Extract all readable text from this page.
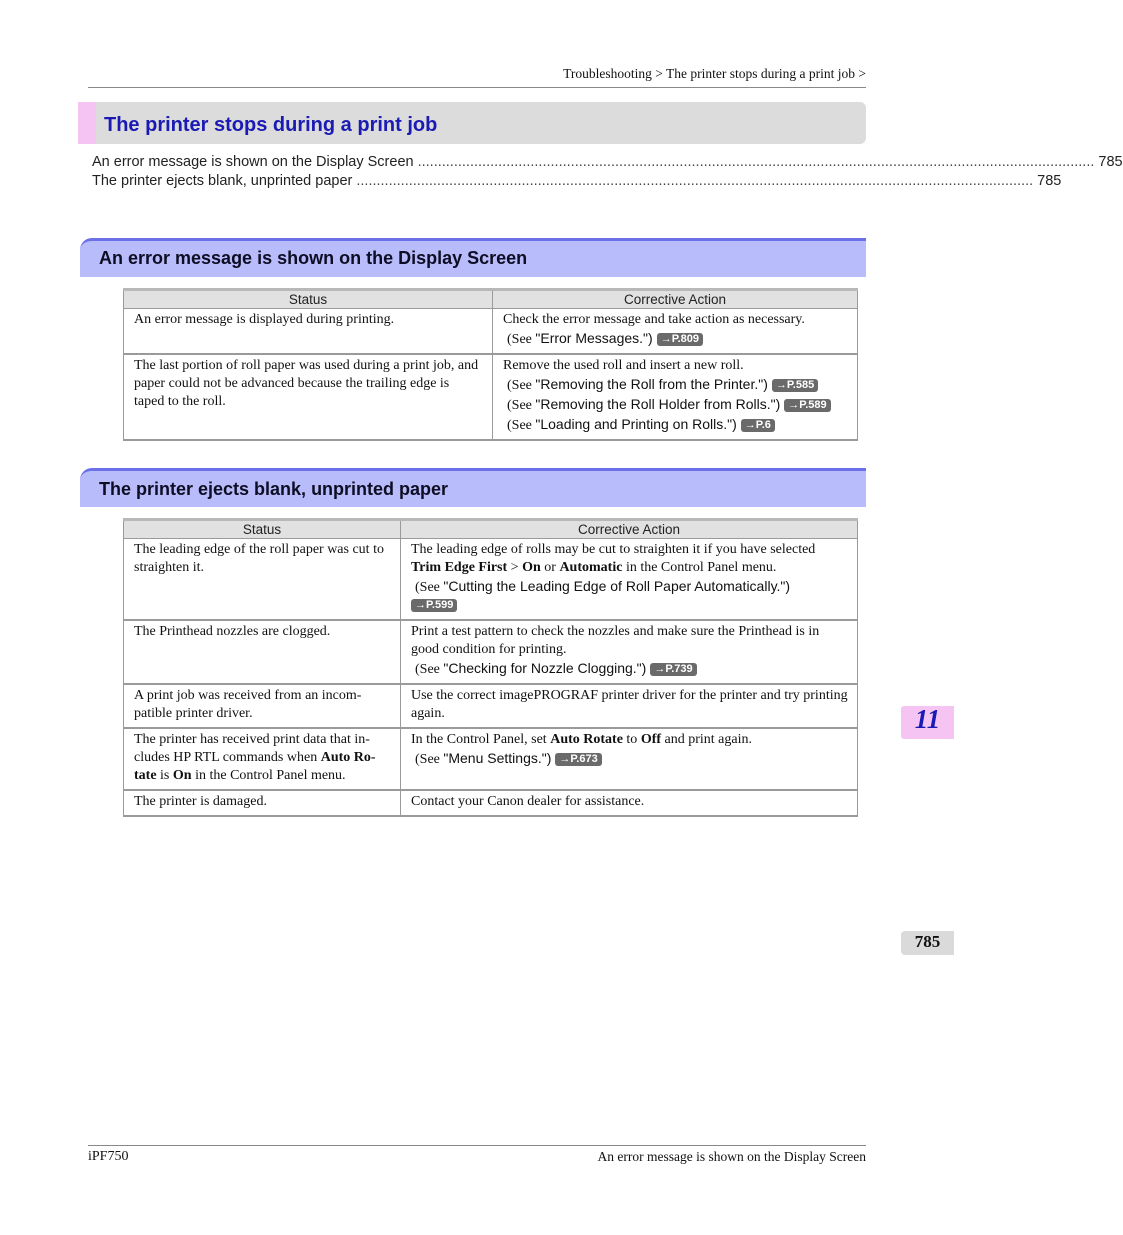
Troubleshooting > The printer stops during a print job >
The printer stops during a print job
An error message is shown on the Display Screen ........................................................................................................................................................................ 785
The printer ejects blank, unprinted paper ........................................................................................................................................................................ 785
An error message is shown on the Display Screen
Status	Corrective Action
An error message is displayed during printing.	Check the error message and take action as necessary.
(See "Error Messages.") →P.809

The last portion of roll paper was used during a print job, and paper could not be advanced because the trailing edge is taped to the roll.	Remove the used roll and insert a new roll.
(See "Removing the Roll from the Printer.") →P.585
(See "Removing the Roll Holder from Rolls.") →P.589
(See "Loading and Printing on Rolls.") →P.6
The printer ejects blank, unprinted paper
Status	Corrective Action
The leading edge of the roll paper was cut to straighten it.	The leading edge of rolls may be cut to straighten it if you have selected Trim Edge First > On or Automatic in the Control Panel menu.
(See "Cutting the Leading Edge of Roll Paper Automatically.")
→P.599

The Printhead nozzles are clogged.	Print a test pattern to check the nozzles and make sure the Printhead is in good condition for printing.
(See "Checking for Nozzle Clogging.") →P.739

A print job was received from an incom-patible printer driver.	Use the correct imagePROGRAF printer driver for the printer and try printing again.
The printer has received print data that in-cludes HP RTL commands when Auto Ro-tate is On in the Control Panel menu.	In the Control Panel, set Auto Rotate to Off and print again.
(See "Menu Settings.") →P.673

The printer is damaged.	Contact your Canon dealer for assistance.
11
785
iPF750	An error message is shown on the Display Screen
